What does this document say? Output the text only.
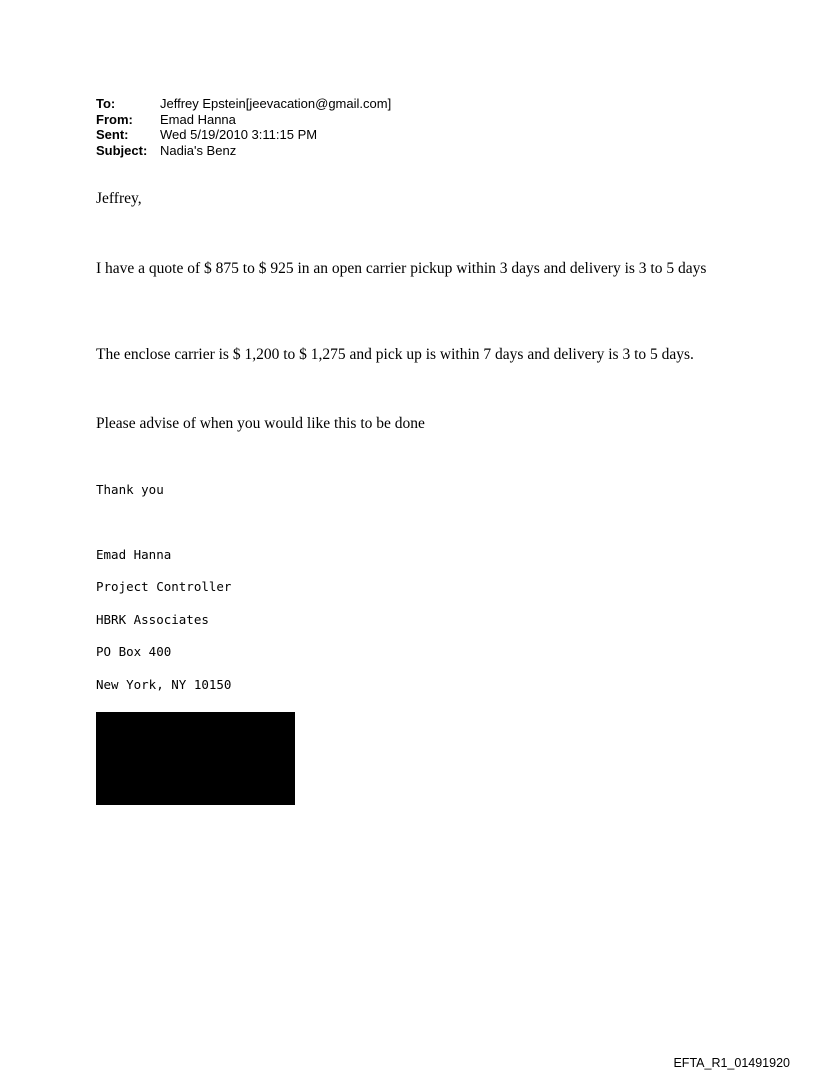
To:	Jeffrey Epstein[jeevacation@gmail.com]
From:	Emad Hanna
Sent:	Wed 5/19/2010 3:11:15 PM
Subject: Nadia's Benz
Jeffrey,
I have a quote of $ 875 to $ 925 in an open carrier pickup within 3 days and delivery is 3 to 5 days
The enclose carrier is $ 1,200 to $ 1,275 and pick up is within 7 days and delivery is 3 to 5 days.
Please advise of when you would like this to be done
Thank you
Emad Hanna
Project Controller
HBRK Associates
PO Box 400
New York, NY 10150
EFTA_R1_01491920
